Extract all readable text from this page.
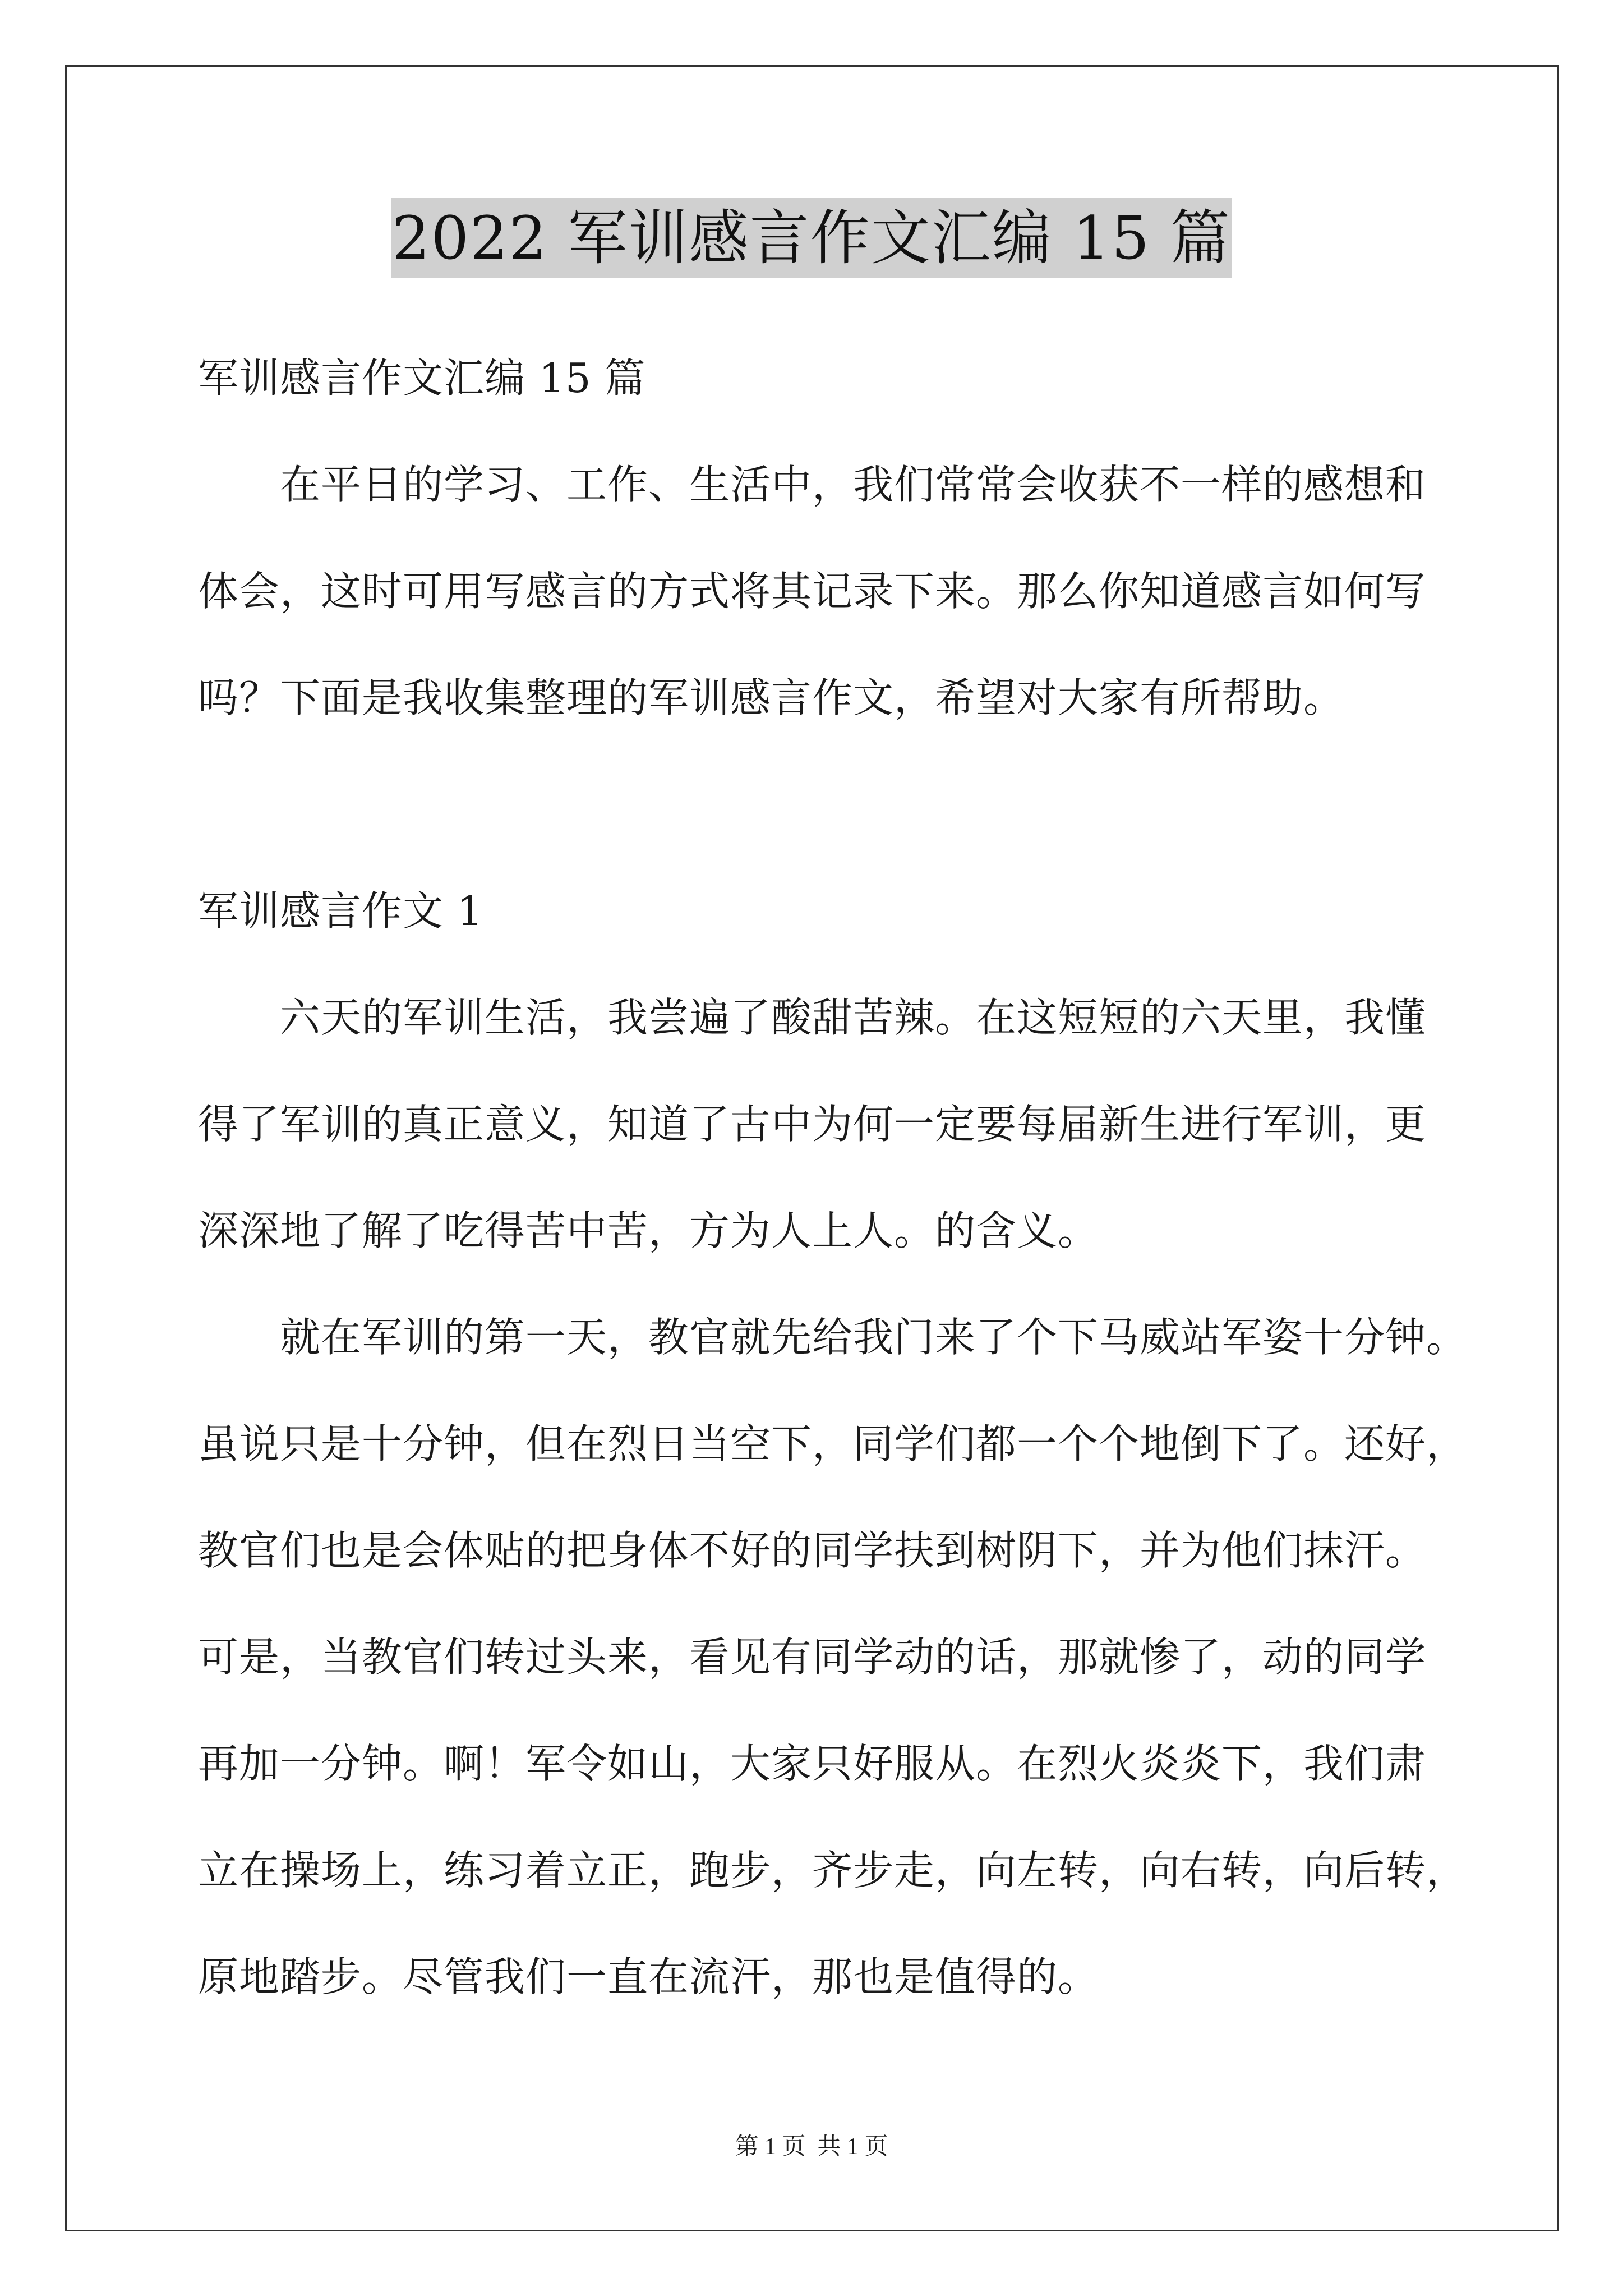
2022 军训感言作文汇编 15 篇
军训感言作文汇编 15 篇
在平日的学习、工作、生活中，我们常常会收获不一样的感想和
体会，这时可用写感言的方式将其记录下来。那么你知道感言如何写
吗？下面是我收集整理的军训感言作文，希望对大家有所帮助。
军训感言作文 1
六天的军训生活，我尝遍了酸甜苦辣。在这短短的六天里，我懂
得了军训的真正意义，知道了古中为何一定要每届新生进行军训，更
深深地了解了吃得苦中苦，方为人上人。的含义。
就在军训的第一天，教官就先给我门来了个下马威站军姿十分钟。
虽说只是十分钟，但在烈日当空下，同学们都一个个地倒下了。还好，
教官们也是会体贴的把身体不好的同学扶到树阴下，并为他们抹汗。
可是，当教官们转过头来，看见有同学动的话，那就惨了，动的同学
再加一分钟。啊！军令如山，大家只好服从。在烈火炎炎下，我们肃
立在操场上，练习着立正，跑步，齐步走，向左转，向右转，向后转，
原地踏步。尽管我们一直在流汗，那也是值得的。
第 1 页  共 1 页
